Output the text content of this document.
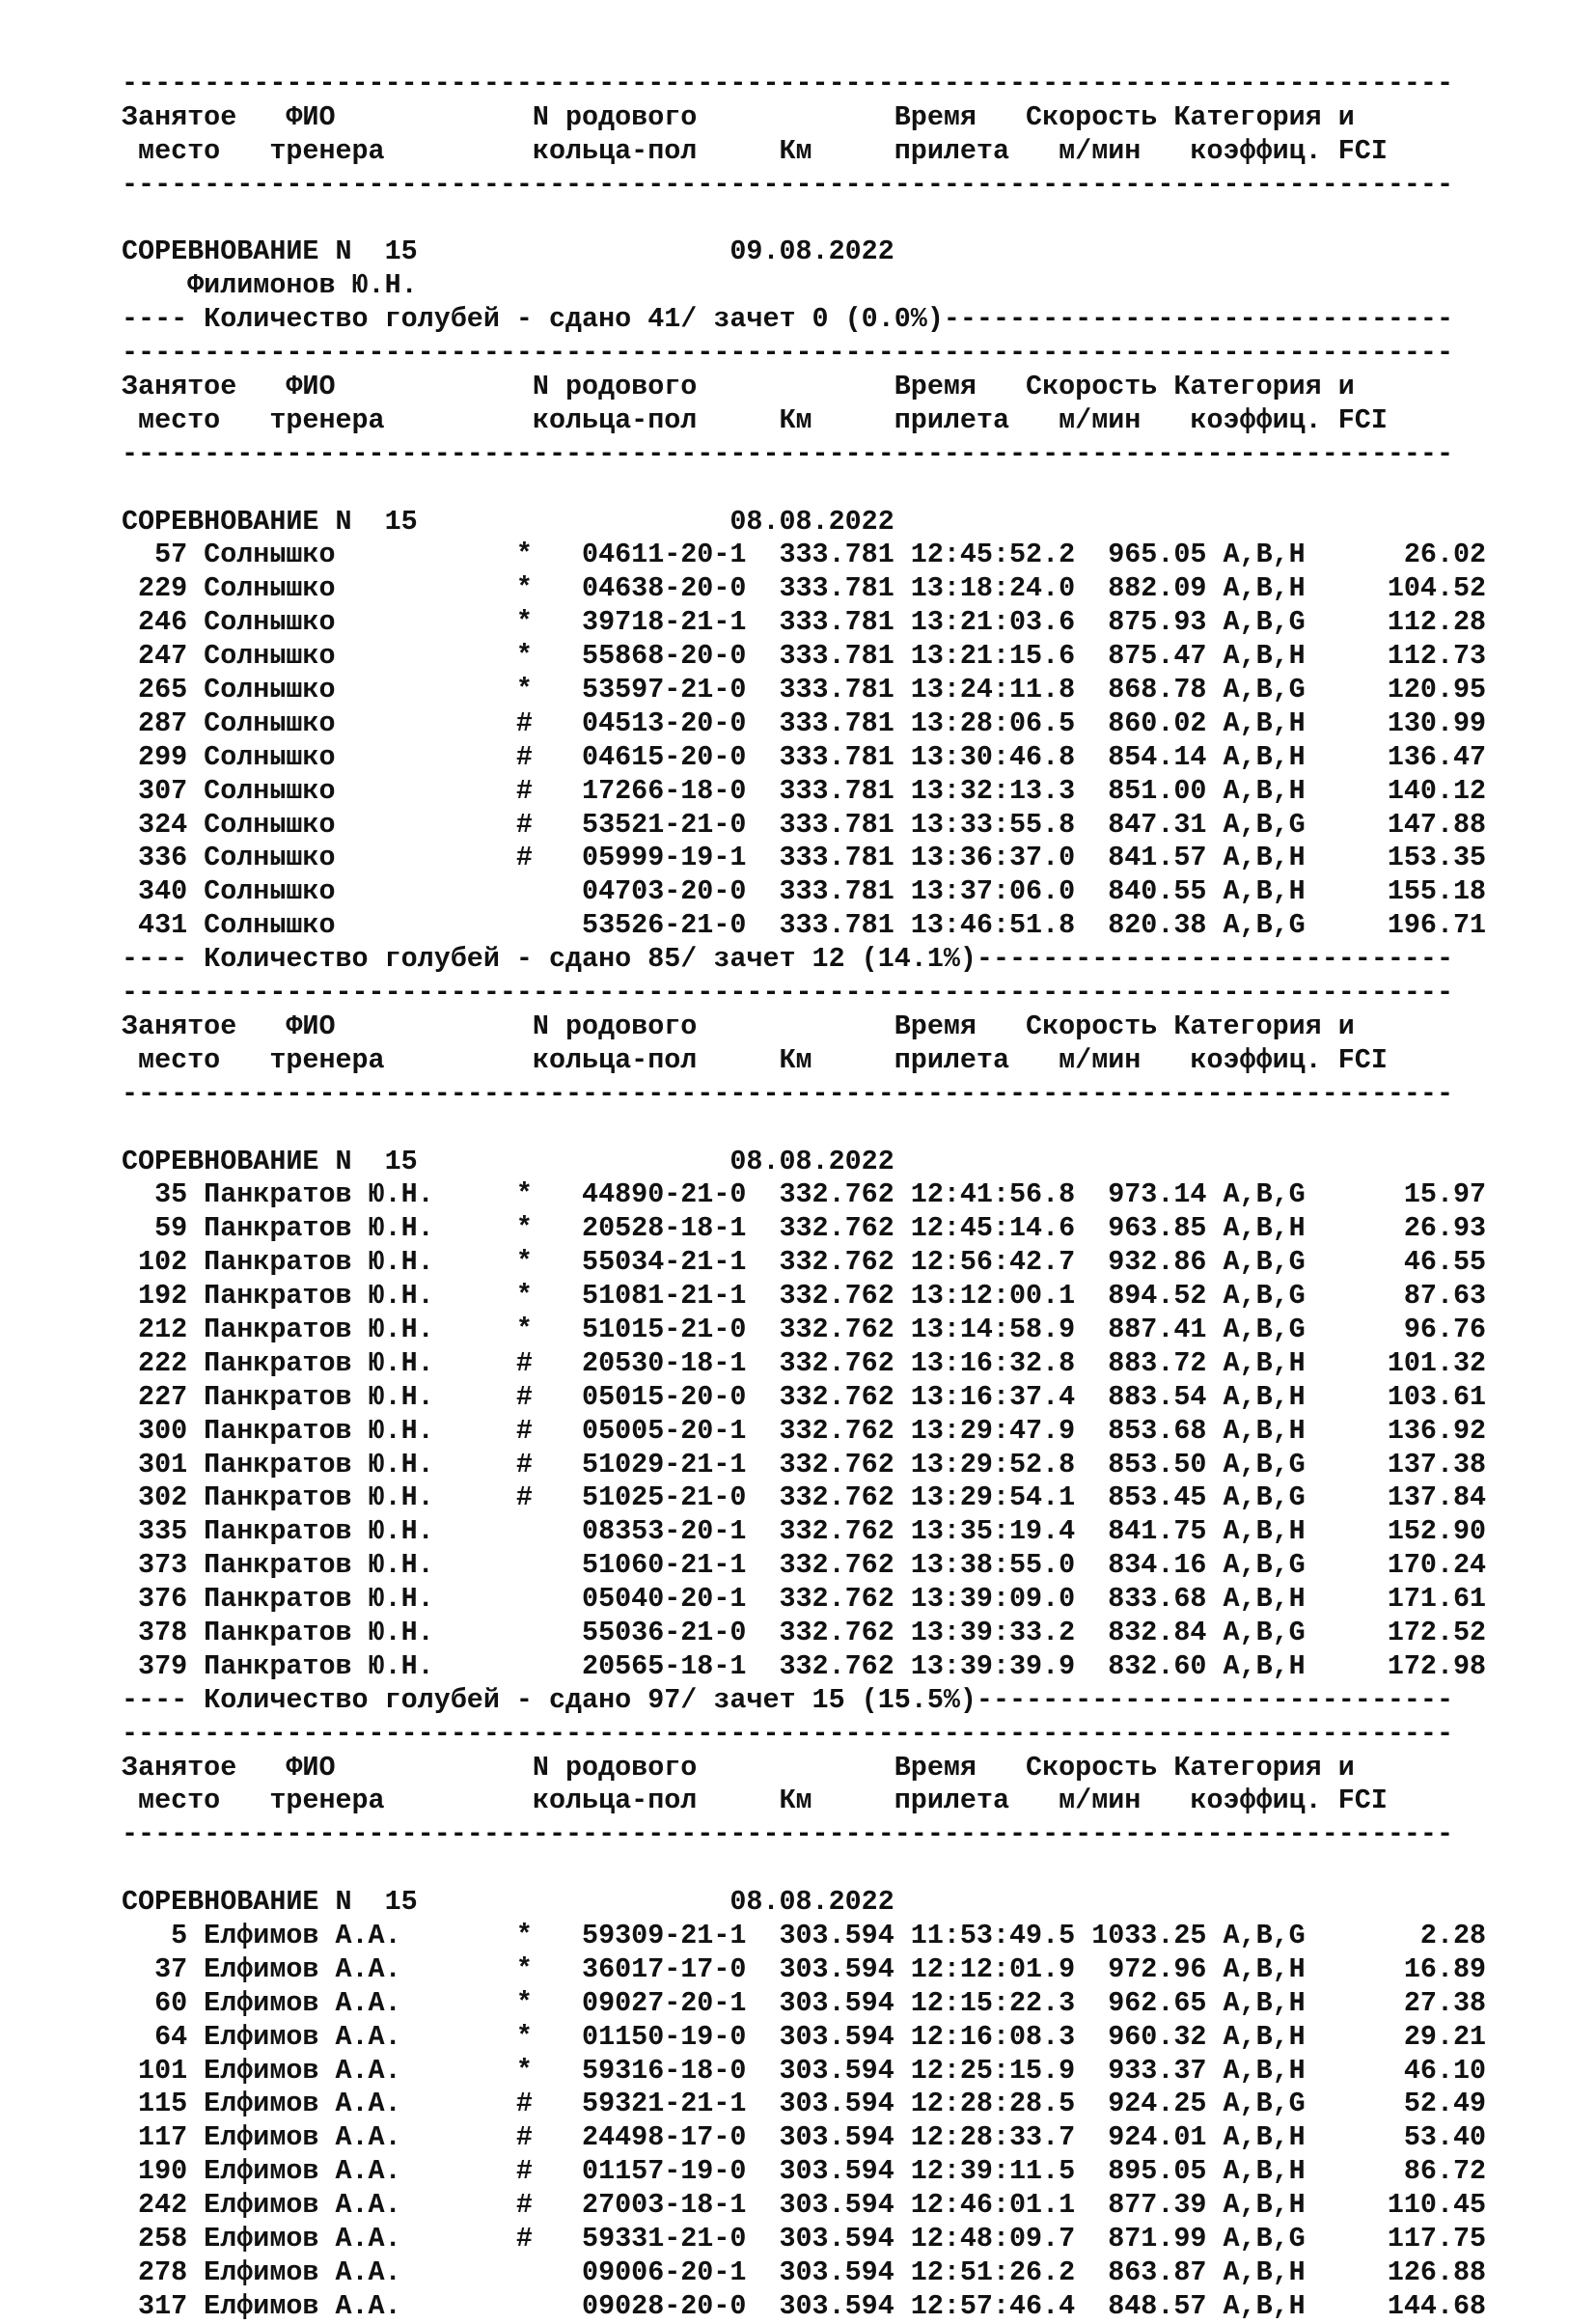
---------------------------------------------------------------------------------
Занятое   ФИО            N родового            Время   Скорость Категория и
место   тренера         кольца-пол     Км     прилета   м/мин   коэффиц. FCI
---------------------------------------------------------------------------------

СОРЕВНОВАНИЕ N  15                   09.08.2022
Филимонов Ю.Н.
---- Количество голубей - сдано 41/ зачет 0 (0.0%)-------------------------------
---------------------------------------------------------------------------------
Занятое   ФИО            N родового            Время   Скорость Категория и
место   тренера         кольца-пол     Км     прилета   м/мин   коэффиц. FCI
---------------------------------------------------------------------------------

СОРЕВНОВАНИЕ N  15                   08.08.2022
57 Солнышко           *   04611-20-1  333.781 12:45:52.2  965.05 A,B,H      26.02
229 Солнышко           *   04638-20-0  333.781 13:18:24.0  882.09 A,B,H     104.52
246 Солнышко           *   39718-21-1  333.781 13:21:03.6  875.93 A,B,G     112.28
247 Солнышко           *   55868-20-0  333.781 13:21:15.6  875.47 A,B,H     112.73
265 Солнышко           *   53597-21-0  333.781 13:24:11.8  868.78 A,B,G     120.95
287 Солнышко           #   04513-20-0  333.781 13:28:06.5  860.02 A,B,H     130.99
299 Солнышко           #   04615-20-0  333.781 13:30:46.8  854.14 A,B,H     136.47
307 Солнышко           #   17266-18-0  333.781 13:32:13.3  851.00 A,B,H     140.12
324 Солнышко           #   53521-21-0  333.781 13:33:55.8  847.31 A,B,G     147.88
336 Солнышко           #   05999-19-1  333.781 13:36:37.0  841.57 A,B,H     153.35
340 Солнышко               04703-20-0  333.781 13:37:06.0  840.55 A,B,H     155.18
431 Солнышко               53526-21-0  333.781 13:46:51.8  820.38 A,B,G     196.71
---- Количество голубей - сдано 85/ зачет 12 (14.1%)-----------------------------
---------------------------------------------------------------------------------
Занятое   ФИО            N родового            Время   Скорость Категория и
место   тренера         кольца-пол     Км     прилета   м/мин   коэффиц. FCI
---------------------------------------------------------------------------------

СОРЕВНОВАНИЕ N  15                   08.08.2022
35 Панкратов Ю.Н.     *   44890-21-0  332.762 12:41:56.8  973.14 A,B,G      15.97
59 Панкратов Ю.Н.     *   20528-18-1  332.762 12:45:14.6  963.85 A,B,H      26.93
102 Панкратов Ю.Н.     *   55034-21-1  332.762 12:56:42.7  932.86 A,B,G      46.55
192 Панкратов Ю.Н.     *   51081-21-1  332.762 13:12:00.1  894.52 A,B,G      87.63
212 Панкратов Ю.Н.     *   51015-21-0  332.762 13:14:58.9  887.41 A,B,G      96.76
222 Панкратов Ю.Н.     #   20530-18-1  332.762 13:16:32.8  883.72 A,B,H     101.32
227 Панкратов Ю.Н.     #   05015-20-0  332.762 13:16:37.4  883.54 A,B,H     103.61
300 Панкратов Ю.Н.     #   05005-20-1  332.762 13:29:47.9  853.68 A,B,H     136.92
301 Панкратов Ю.Н.     #   51029-21-1  332.762 13:29:52.8  853.50 A,B,G     137.38
302 Панкратов Ю.Н.     #   51025-21-0  332.762 13:29:54.1  853.45 A,B,G     137.84
335 Панкратов Ю.Н.         08353-20-1  332.762 13:35:19.4  841.75 A,B,H     152.90
373 Панкратов Ю.Н.         51060-21-1  332.762 13:38:55.0  834.16 A,B,G     170.24
376 Панкратов Ю.Н.         05040-20-1  332.762 13:39:09.0  833.68 A,B,H     171.61
378 Панкратов Ю.Н.         55036-21-0  332.762 13:39:33.2  832.84 A,B,G     172.52
379 Панкратов Ю.Н.         20565-18-1  332.762 13:39:39.9  832.60 A,B,H     172.98
---- Количество голубей - сдано 97/ зачет 15 (15.5%)-----------------------------
---------------------------------------------------------------------------------
Занятое   ФИО            N родового            Время   Скорость Категория и
место   тренера         кольца-пол     Км     прилета   м/мин   коэффиц. FCI
---------------------------------------------------------------------------------

СОРЕВНОВАНИЕ N  15                   08.08.2022
5 Елфимов А.А.       *   59309-21-1  303.594 11:53:49.5 1033.25 A,B,G       2.28
37 Елфимов А.А.       *   36017-17-0  303.594 12:12:01.9  972.96 A,B,H      16.89
60 Елфимов А.А.       *   09027-20-1  303.594 12:15:22.3  962.65 A,B,H      27.38
64 Елфимов А.А.       *   01150-19-0  303.594 12:16:08.3  960.32 A,B,H      29.21
101 Елфимов А.А.       *   59316-18-0  303.594 12:25:15.9  933.37 A,B,H      46.10
115 Елфимов А.А.       #   59321-21-1  303.594 12:28:28.5  924.25 A,B,G      52.49
117 Елфимов А.А.       #   24498-17-0  303.594 12:28:33.7  924.01 A,B,H      53.40
190 Елфимов А.А.       #   01157-19-0  303.594 12:39:11.5  895.05 A,B,H      86.72
242 Елфимов А.А.       #   27003-18-1  303.594 12:46:01.1  877.39 A,B,H     110.45
258 Елфимов А.А.       #   59331-21-0  303.594 12:48:09.7  871.99 A,B,G     117.75
278 Елфимов А.А.           09006-20-1  303.594 12:51:26.2  863.87 A,B,H     126.88
317 Елфимов А.А.           09028-20-0  303.594 12:57:46.4  848.57 A,B,H     144.68
